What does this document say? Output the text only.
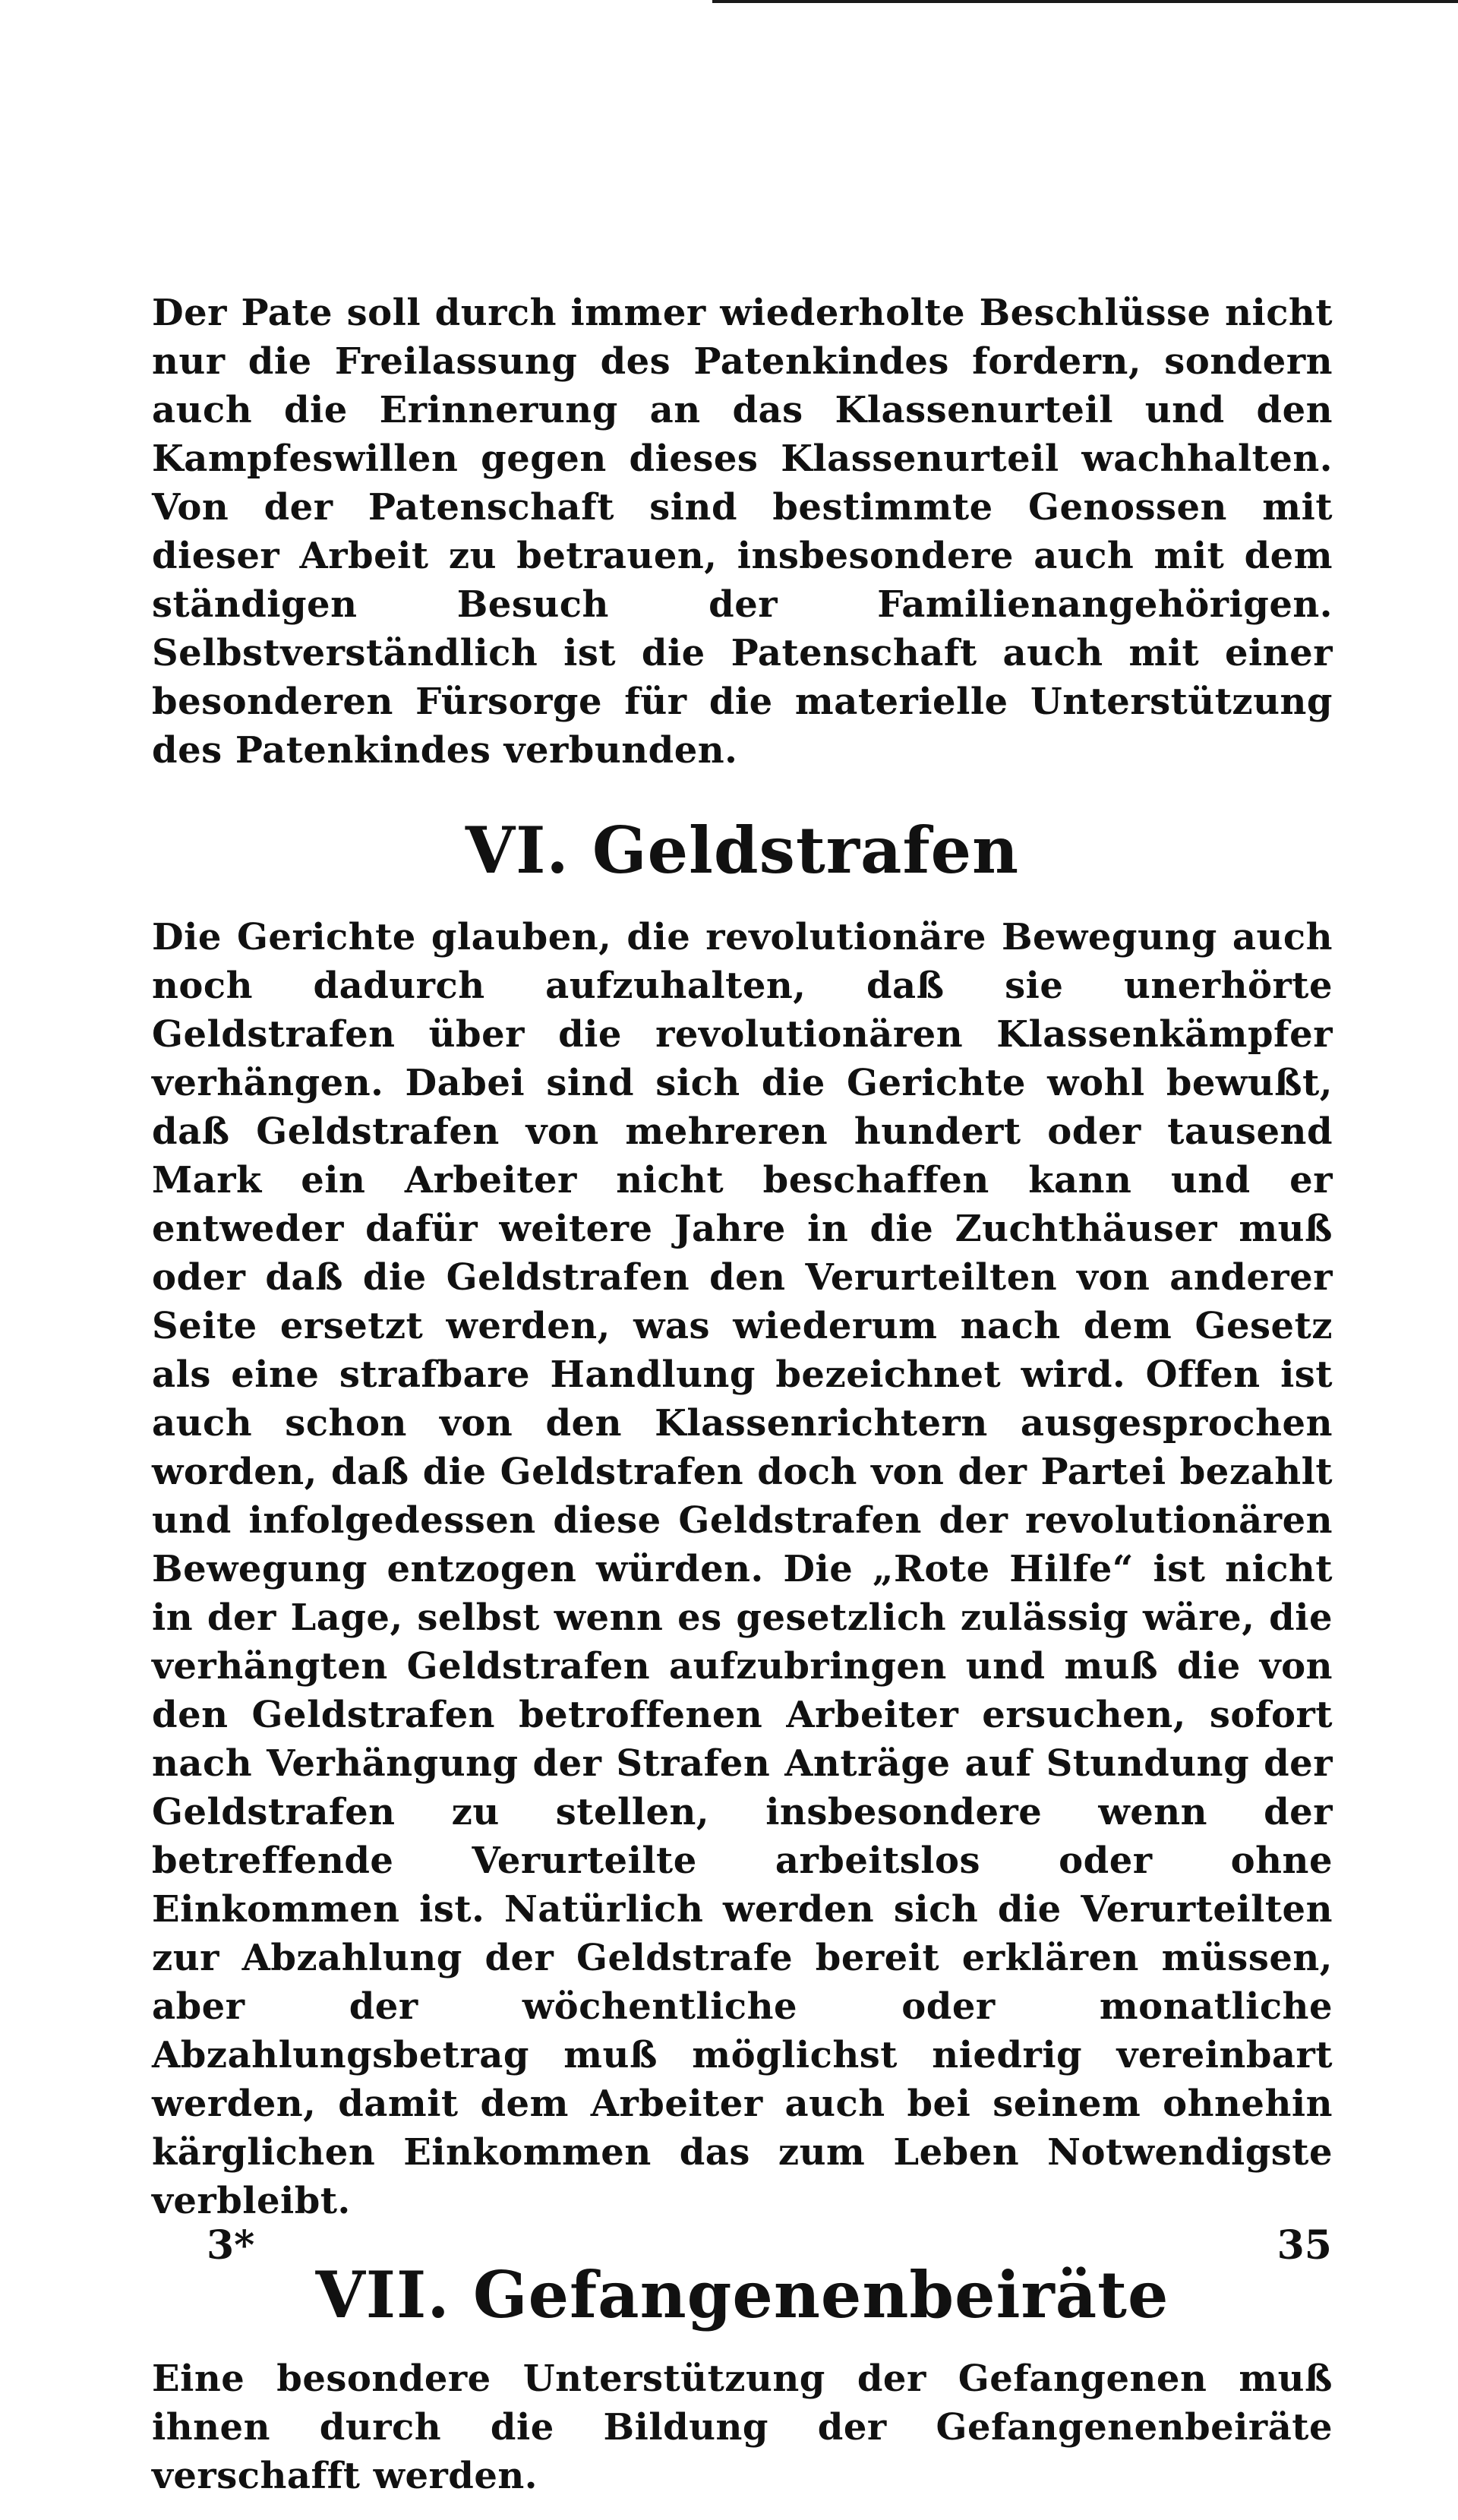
Der Pate soll durch immer wiederholte Beschlüsse nicht nur die Freilassung des Patenkindes fordern, sondern auch die Erinnerung an das Klassenurteil und den Kampfeswillen gegen dieses Klassenurteil wachhalten. Von der Patenschaft sind bestimmte Genossen mit dieser Arbeit zu betrauen, insbesondere auch mit dem ständigen Besuch der Familienangehörigen. Selbstverständlich ist die Patenschaft auch mit einer besonderen Fürsorge für die materielle Unterstützung des Patenkindes verbunden.

VI. Geldstrafen

Die Gerichte glauben, die revolutionäre Bewegung auch noch dadurch aufzuhalten, daß sie unerhörte Geldstrafen über die revolutionären Klassenkämpfer verhängen. Dabei sind sich die Gerichte wohl bewußt, daß Geldstrafen von mehreren hundert oder tausend Mark ein Arbeiter nicht beschaffen kann und er entweder dafür weitere Jahre in die Zuchthäuser muß oder daß die Geldstrafen den Verurteilten von anderer Seite ersetzt werden, was wiederum nach dem Gesetz als eine strafbare Handlung bezeichnet wird. Offen ist auch schon von den Klassenrichtern ausgesprochen worden, daß die Geldstrafen doch von der Partei bezahlt und infolgedessen diese Geldstrafen der revolutionären Bewegung entzogen würden. Die „Rote Hilfe“ ist nicht in der Lage, selbst wenn es gesetzlich zulässig wäre, die verhängten Geldstrafen aufzubringen und muß die von den Geldstrafen betroffenen Arbeiter ersuchen, sofort nach Verhängung der Strafen Anträge auf Stundung der Geldstrafen zu stellen, insbesondere wenn der betreffende Verurteilte arbeitslos oder ohne Einkommen ist. Natürlich werden sich die Verurteilten zur Abzahlung der Geldstrafe bereit erklären müssen, aber der wöchentliche oder monatliche Abzahlungsbetrag muß möglichst niedrig vereinbart werden, damit dem Arbeiter auch bei seinem ohnehin kärglichen Einkommen das zum Leben Notwendigste verbleibt.

VII. Gefangenenbeiräte

Eine besondere Unterstützung der Gefangenen muß ihnen durch die Bildung der Gefangenenbeiräte verschafft werden.

3*	35
